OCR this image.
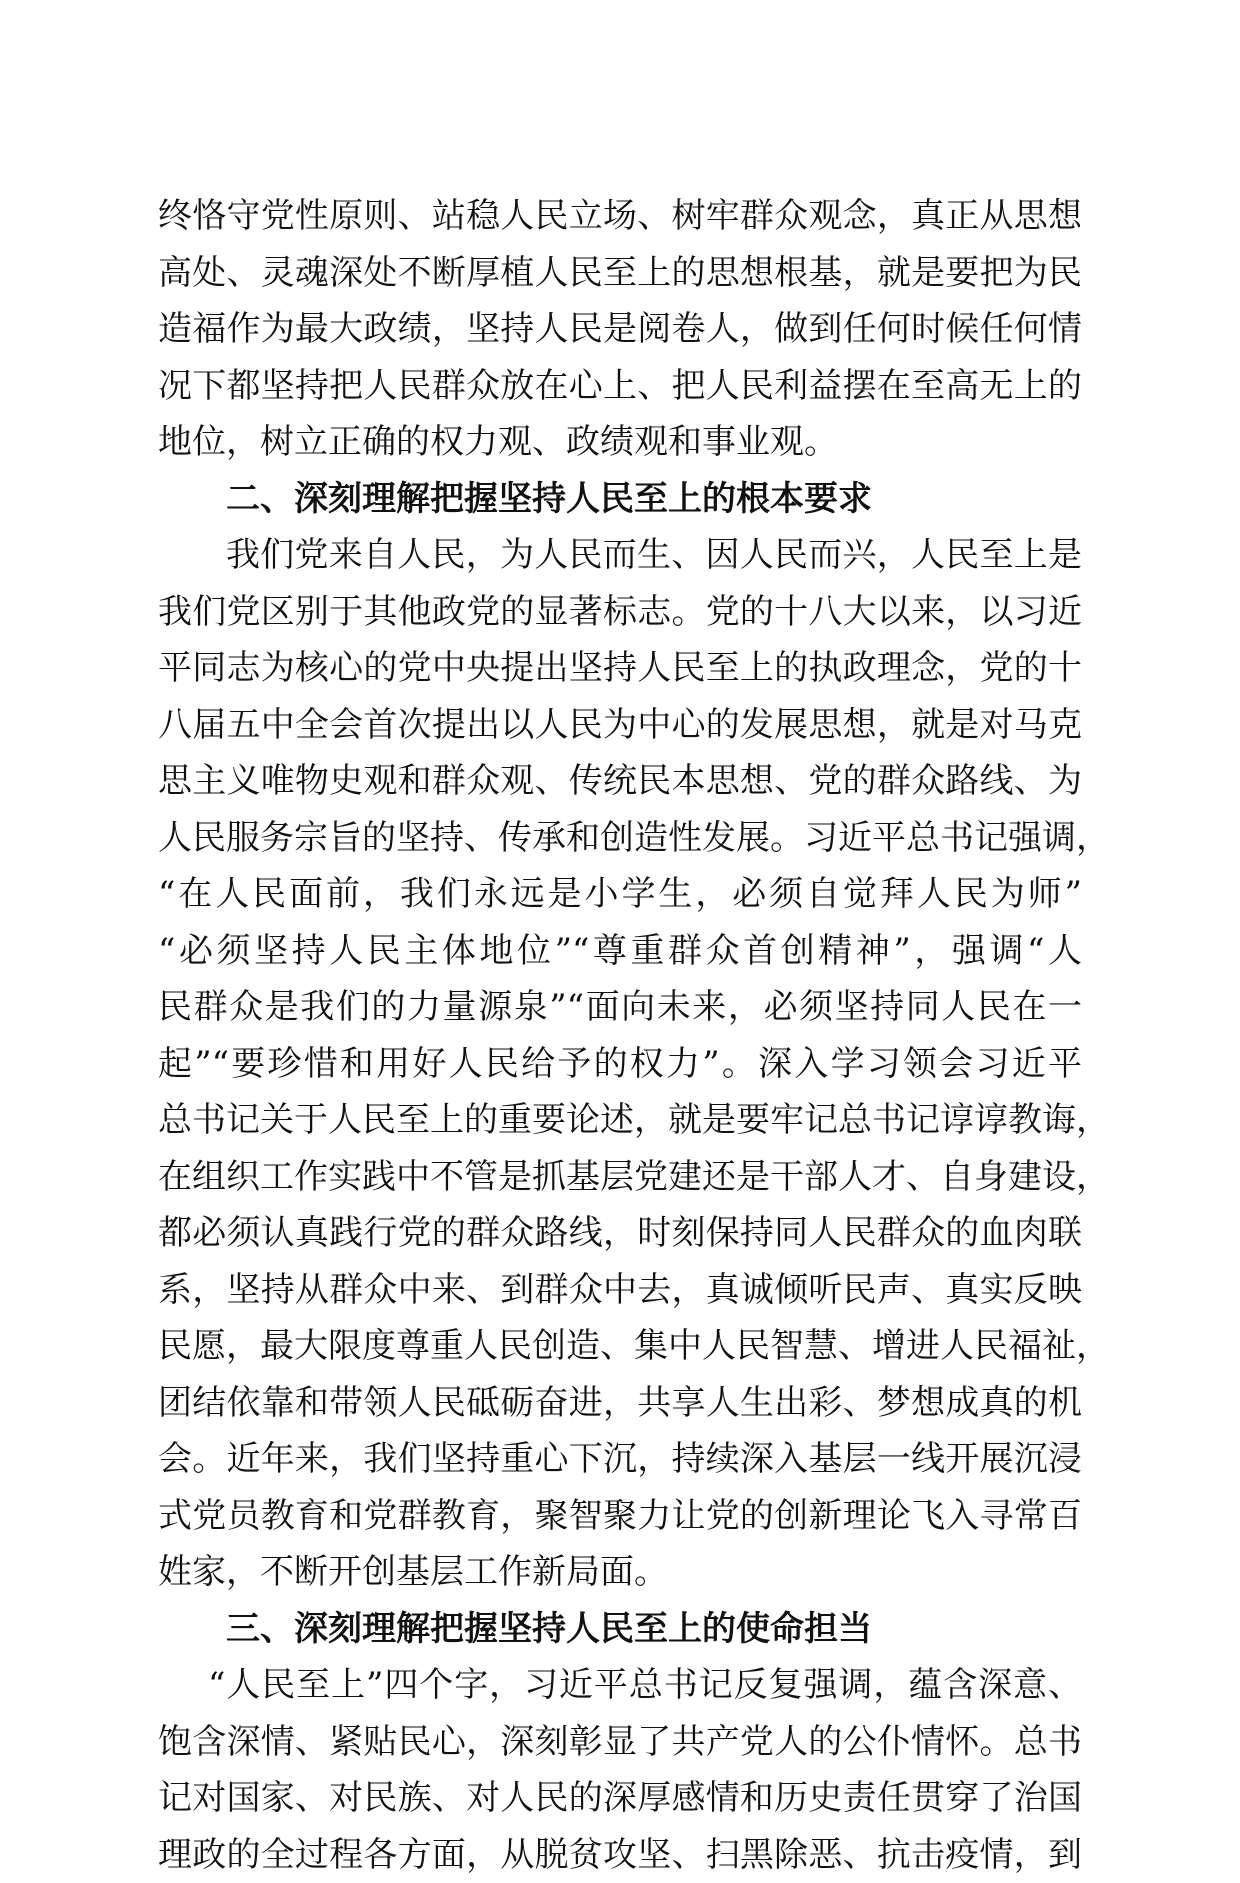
终恪守党性原则、站稳人民立场、树牢群众观念，真正从思想
高处、灵魂深处不断厚植人民至上的思想根基，就是要把为民
造福作为最大政绩，坚持人民是阅卷人，做到任何时候任何情
况下都坚持把人民群众放在心上、把人民利益摆在至高无上的
地位，树立正确的权力观、政绩观和事业观。
二、深刻理解把握坚持人民至上的根本要求
我们党来自人民，为人民而生、因人民而兴，人民至上是
我们党区别于其他政党的显著标志。党的十八大以来，以习近
平同志为核心的党中央提出坚持人民至上的执政理念，党的十
八届五中全会首次提出以人民为中心的发展思想，就是对马克
思主义唯物史观和群众观、传统民本思想、党的群众路线、为
人民服务宗旨的坚持、传承和创造性发展。习近平总书记强调，
“在人民面前，我们永远是小学生，必须自觉拜人民为师”
“必须坚持人民主体地位”“尊重群众首创精神”，强调“人
民群众是我们的力量源泉”“面向未来，必须坚持同人民在一
起”“要珍惜和用好人民给予的权力”。深入学习领会习近平
总书记关于人民至上的重要论述，就是要牢记总书记谆谆教诲，
在组织工作实践中不管是抓基层党建还是干部人才、自身建设，
都必须认真践行党的群众路线，时刻保持同人民群众的血肉联
系，坚持从群众中来、到群众中去，真诚倾听民声、真实反映
民愿，最大限度尊重人民创造、集中人民智慧、增进人民福祉，
团结依靠和带领人民砥砺奋进，共享人生出彩、梦想成真的机
会。近年来，我们坚持重心下沉，持续深入基层一线开展沉浸
式党员教育和党群教育，聚智聚力让党的创新理论飞入寻常百
姓家，不断开创基层工作新局面。
三、深刻理解把握坚持人民至上的使命担当
“人民至上”四个字，习近平总书记反复强调，蕴含深意、
饱含深情、紧贴民心，深刻彰显了共产党人的公仆情怀。总书
记对国家、对民族、对人民的深厚感情和历史责任贯穿了治国
理政的全过程各方面，从脱贫攻坚、扫黑除恶、抗击疫情，到
